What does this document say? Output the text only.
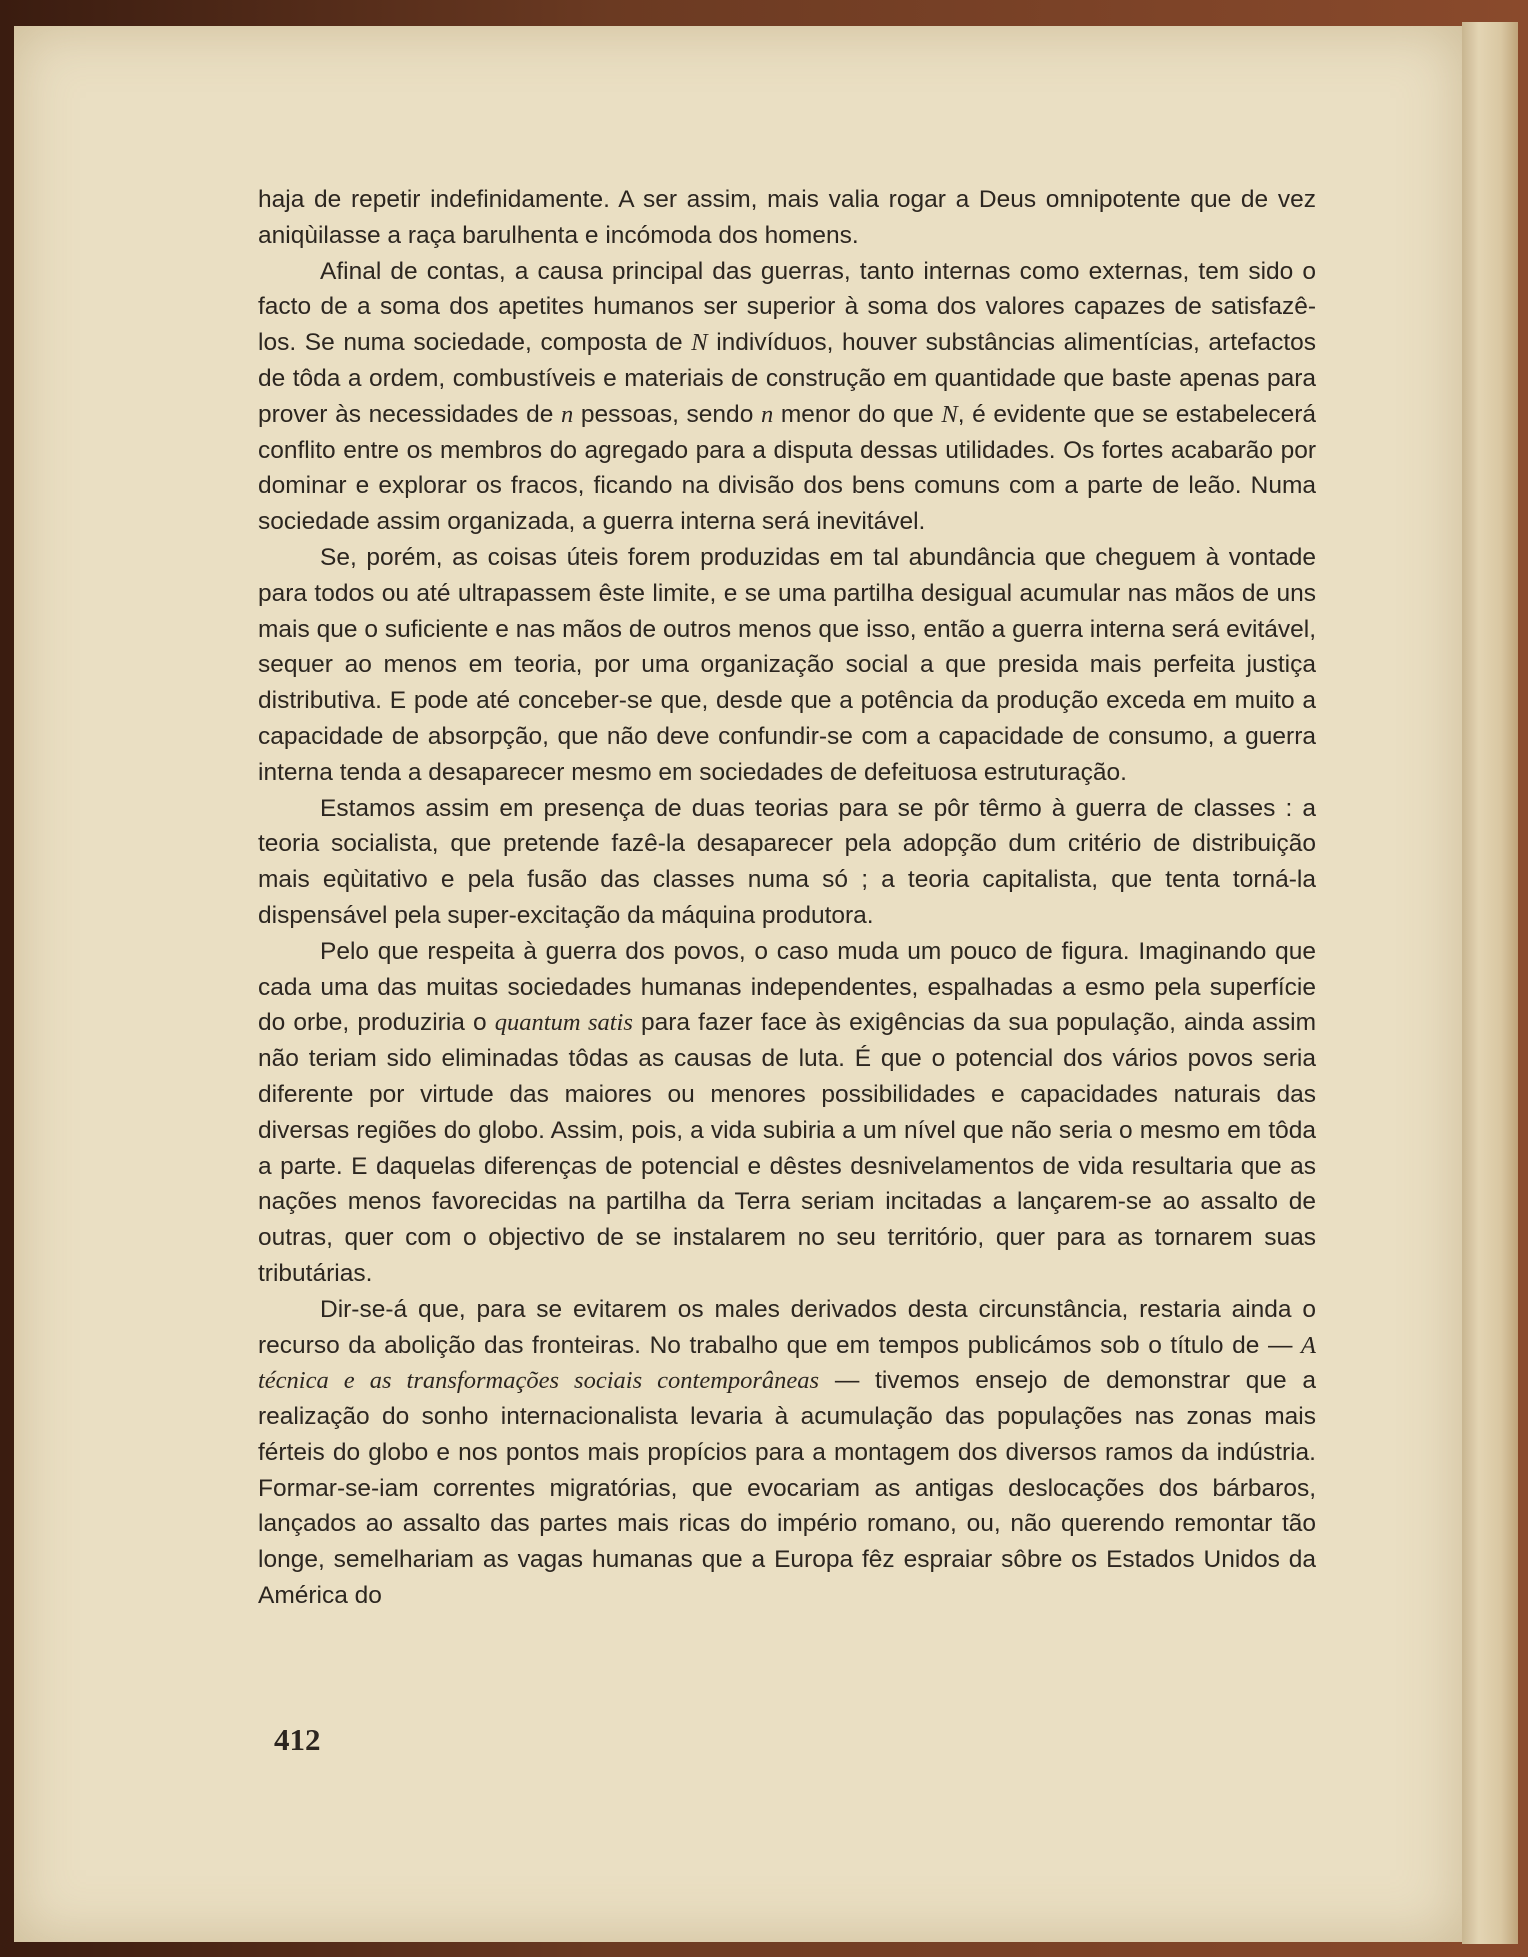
haja de repetir indefinidamente. A ser assim, mais valia rogar a Deus omnipotente que de vez aniqùilasse a raça barulhenta e incómoda dos homens.

Afinal de contas, a causa principal das guerras, tanto internas como externas, tem sido o facto de a soma dos apetites humanos ser superior à soma dos valores capazes de satisfazê-los. Se numa sociedade, composta de N indivíduos, houver substâncias alimentícias, artefactos de tôda a ordem, combustíveis e materiais de construção em quantidade que baste apenas para prover às necessidades de n pessoas, sendo n menor do que N, é evidente que se estabelecerá conflito entre os membros do agregado para a disputa dessas utilidades. Os fortes acabarão por dominar e explorar os fracos, ficando na divisão dos bens comuns com a parte de leão. Numa sociedade assim organizada, a guerra interna será inevitável.

Se, porém, as coisas úteis forem produzidas em tal abundância que cheguem à vontade para todos ou até ultrapassem êste limite, e se uma partilha desigual acumular nas mãos de uns mais que o suficiente e nas mãos de outros menos que isso, então a guerra interna será evitável, sequer ao menos em teoria, por uma organização social a que presida mais perfeita justiça distributiva. E pode até conceber-se que, desde que a potência da produção exceda em muito a capacidade de absorpção, que não deve confundir-se com a capacidade de consumo, a guerra interna tenda a desaparecer mesmo em sociedades de defeituosa estruturação.

Estamos assim em presença de duas teorias para se pôr têrmo à guerra de classes : a teoria socialista, que pretende fazê-la desaparecer pela adopção dum critério de distribuição mais eqùitativo e pela fusão das classes numa só ; a teoria capitalista, que tenta torná-la dispensável pela super-excitação da máquina produtora.

Pelo que respeita à guerra dos povos, o caso muda um pouco de figura. Imaginando que cada uma das muitas sociedades humanas independentes, espalhadas a esmo pela superfície do orbe, produziria o quantum satis para fazer face às exigências da sua população, ainda assim não teriam sido eliminadas tôdas as causas de luta. É que o potencial dos vários povos seria diferente por virtude das maiores ou menores possibilidades e capacidades naturais das diversas regiões do globo. Assim, pois, a vida subiria a um nível que não seria o mesmo em tôda a parte. E daquelas diferenças de potencial e dêstes desnivelamentos de vida resultaria que as nações menos favorecidas na partilha da Terra seriam incitadas a lançarem-se ao assalto de outras, quer com o objectivo de se instalarem no seu território, quer para as tornarem suas tributárias.

Dir-se-á que, para se evitarem os males derivados desta circunstância, restaria ainda o recurso da abolição das fronteiras. No trabalho que em tempos publicámos sob o título de — A técnica e as transformações sociais contemporâneas — tivemos ensejo de demonstrar que a realização do sonho internacionalista levaria à acumulação das populações nas zonas mais férteis do globo e nos pontos mais propícios para a montagem dos diversos ramos da indústria. Formar-se-iam correntes migratórias, que evocariam as antigas deslocações dos bárbaros, lançados ao assalto das partes mais ricas do império romano, ou, não querendo remontar tão longe, semelhariam as vagas humanas que a Europa fêz espraiar sôbre os Estados Unidos da América do

412
